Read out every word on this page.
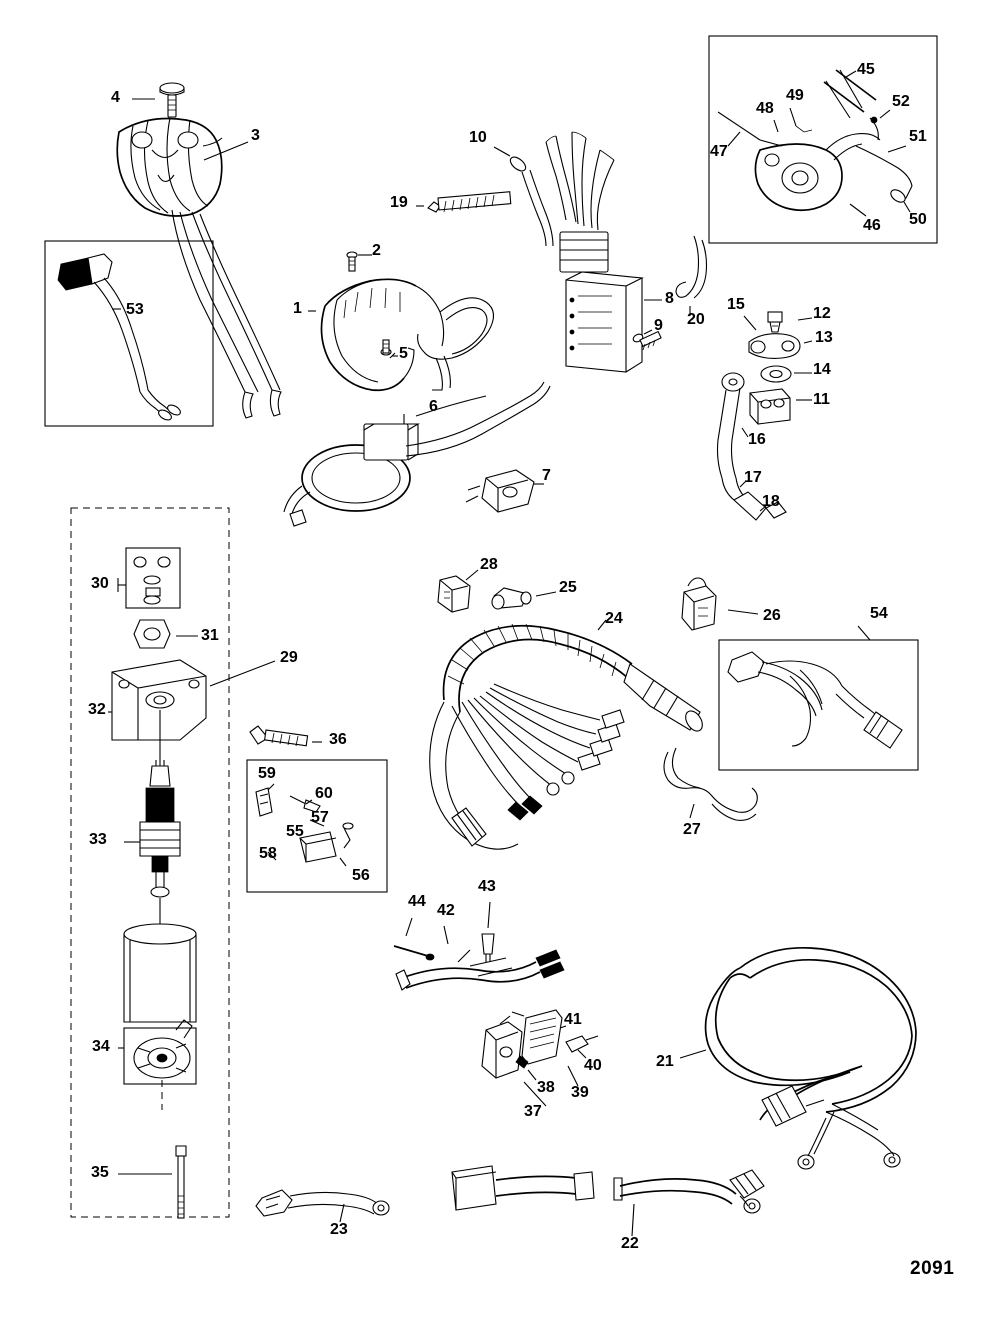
4
3	10
45
49
48	52
51
47
19
50
46
2
53	1
8
20
15
12
13
9
5
14
11
6
16
7	17
18
28
25
24	26	54
30
31
29
32
36
59
60
57
55
33
58
56
27
44
43
42
41
34
21
40
39
38
37
35
23
22
2091
